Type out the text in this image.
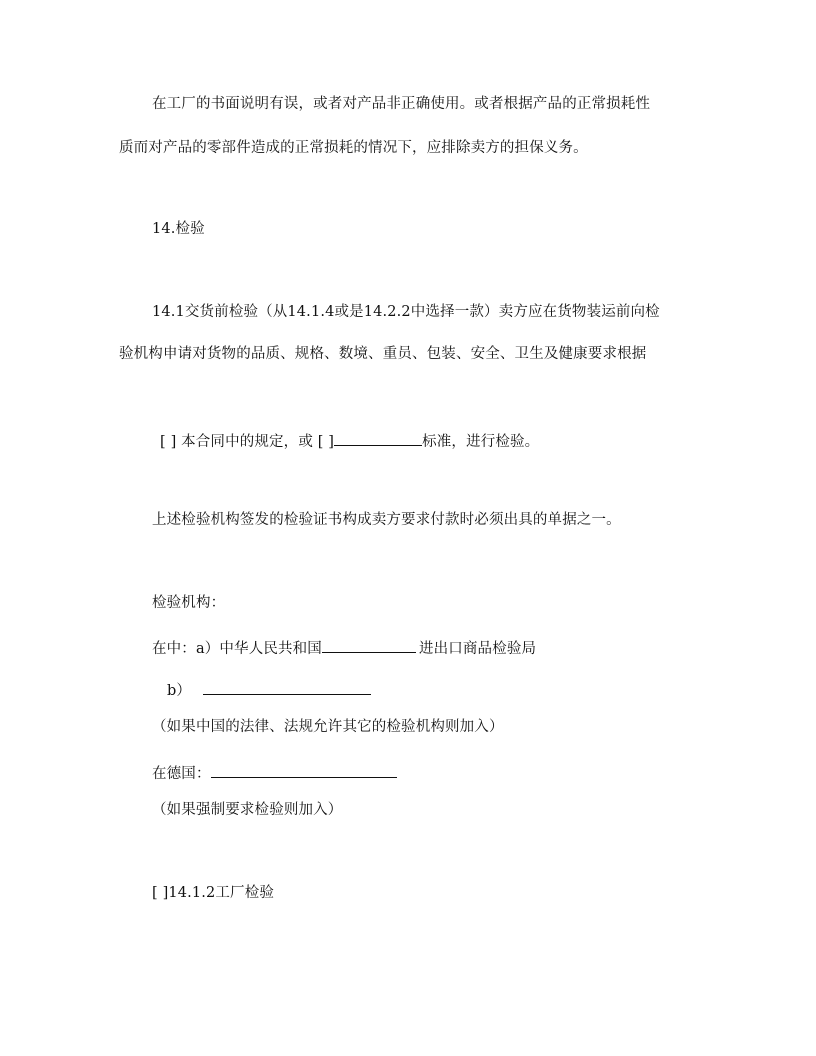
在工厂的书面说明有误，或者对产品非正确使用。或者根据产品的正常损耗性
质而对产品的零部件造成的正常损耗的情况下，应排除卖方的担保义务。
14.检验
14.1交货前检验（从14.1.4或是14.2.2中选择一款）卖方应在货物装运前向检
验机构申请对货物的品质、规格、数境、重员、包装、安全、卫生及健康要求根据
[ ] 本合同中的规定，或 [ ]	标准，进行检验。
上述检验机构签发的检验证书构成卖方要求付款时必须出具的单据之一。
检验机构：
在中：a）中华人民共和国	进出口商品检验局
b）
（如果中国的法律、法规允许其它的检验机构则加入）
在德国：
（如果强制要求检验则加入）
[ ]14.1.2工厂检验
